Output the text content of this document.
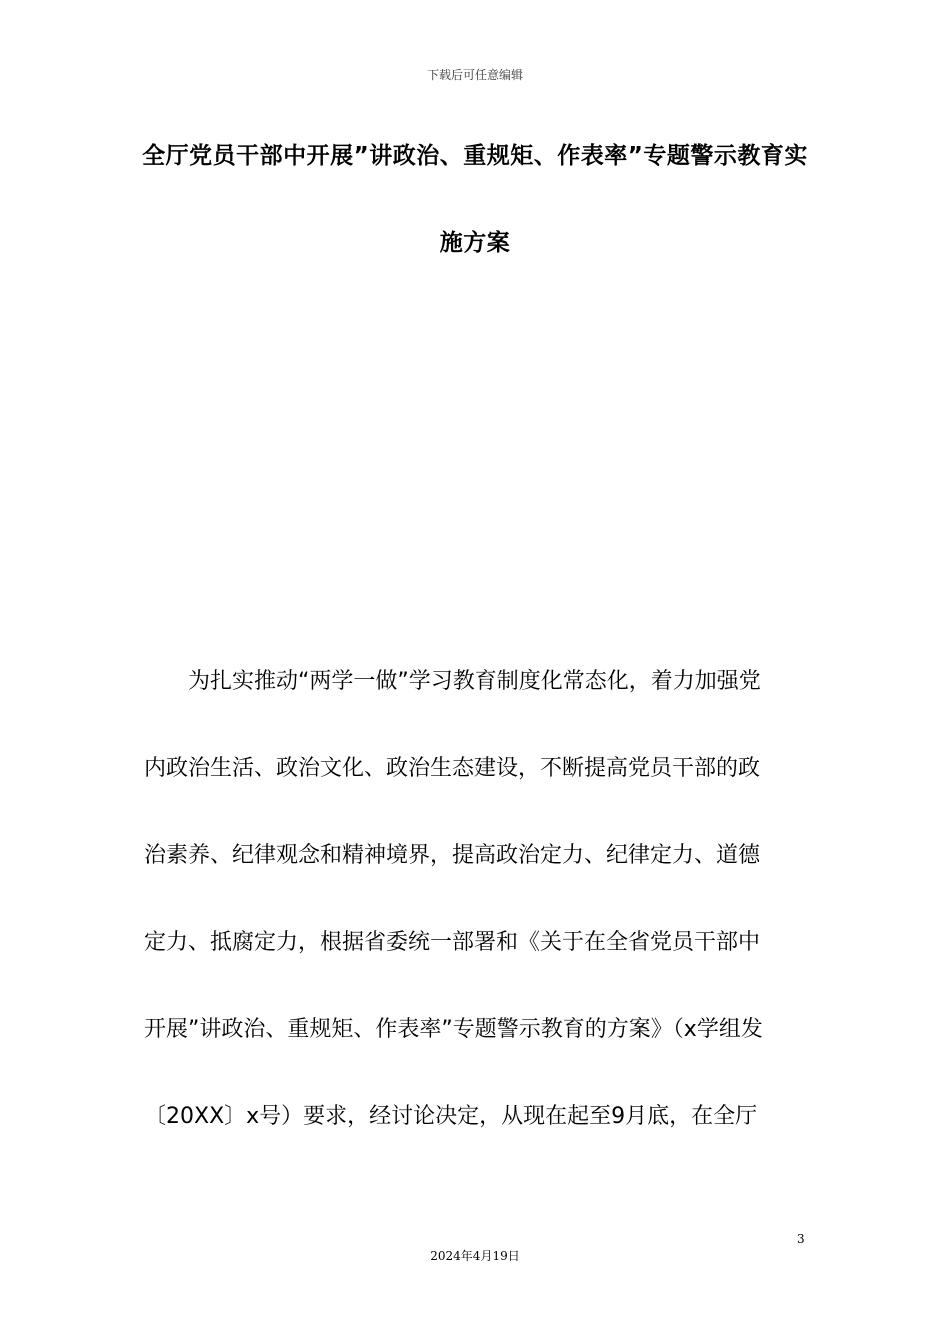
下载后可任意编辑
全厅党员干部中开展”讲政治、重规矩、作表率”专题警示教育实
施方案
　　为扎实推动“两学一做”学习教育制度化常态化，着力加强党
内政治生活、政治文化、政治生态建设，不断提高党员干部的政
治素养、纪律观念和精神境界，提高政治定力、纪律定力、道德
定力、抵腐定力，根据省委统一部署和《关于在全省党员干部中
开展”讲政治、重规矩、作表率”专题警示教育的方案》（x学组发
〔20XX〕x号）要求，经讨论决定，从现在起至9月底，在全厅
3
2024年4月19日
